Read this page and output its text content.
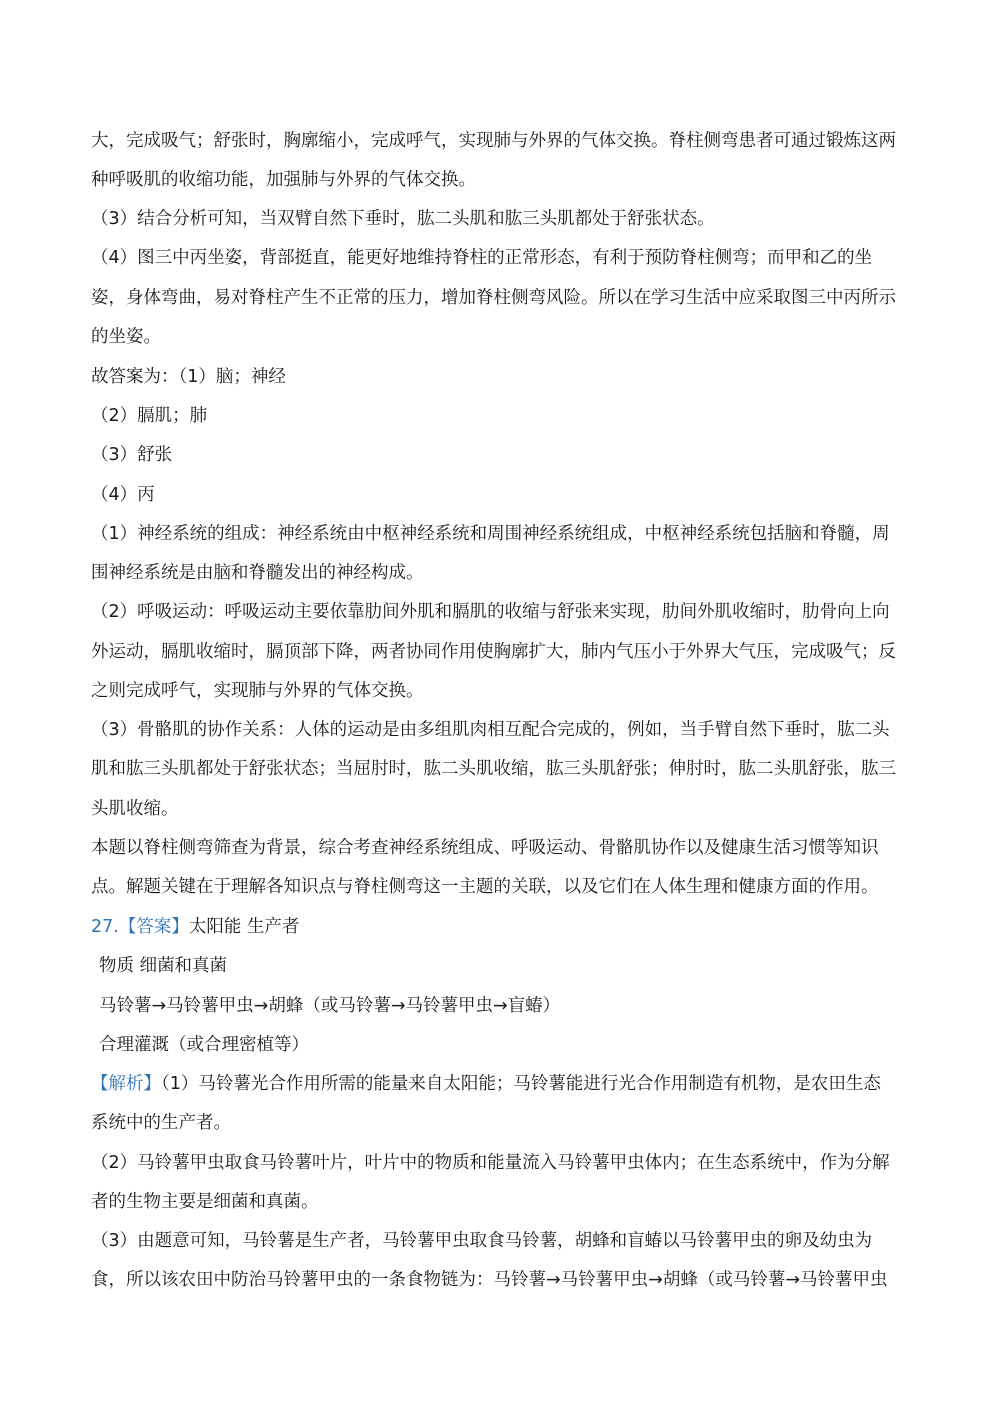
大，完成吸气；舒张时，胸廓缩小，完成呼气，实现肺与外界的气体交换。脊柱侧弯患者可通过锻炼这两
种呼吸肌的收缩功能，加强肺与外界的气体交换。
（3）结合分析可知，当双臂自然下垂时，肱二头肌和肱三头肌都处于舒张状态。
（4）图三中丙坐姿，背部挺直，能更好地维持脊柱的正常形态，有利于预防脊柱侧弯；而甲和乙的坐
姿，身体弯曲，易对脊柱产生不正常的压力，增加脊柱侧弯风险。所以在学习生活中应采取图三中丙所示
的坐姿。
故答案为：（1）脑；神经
（2）膈肌；肺
（3）舒张
（4）丙
（1）神经系统的组成：神经系统由中枢神经系统和周围神经系统组成，中枢神经系统包括脑和脊髓，周
围神经系统是由脑和脊髓发出的神经构成。
（2）呼吸运动：呼吸运动主要依靠肋间外肌和膈肌的收缩与舒张来实现，肋间外肌收缩时，肋骨向上向
外运动，膈肌收缩时，膈顶部下降，两者协同作用使胸廓扩大，肺内气压小于外界大气压，完成吸气；反
之则完成呼气，实现肺与外界的气体交换。
（3）骨骼肌的协作关系：人体的运动是由多组肌肉相互配合完成的，例如，当手臂自然下垂时，肱二头
肌和肱三头肌都处于舒张状态；当屈肘时，肱二头肌收缩，肱三头肌舒张；伸肘时，肱二头肌舒张，肱三
头肌收缩。
本题以脊柱侧弯筛查为背景，综合考查神经系统组成、呼吸运动、骨骼肌协作以及健康生活习惯等知识
点。解题关键在于理解各知识点与脊柱侧弯这一主题的关联，以及它们在人体生理和健康方面的作用。
27.【答案】太阳能 生产者
物质 细菌和真菌
马铃薯→马铃薯甲虫→胡蜂（或马铃薯→马铃薯甲虫→盲蝽）
合理灌溉（或合理密植等）
【解析】（1）马铃薯光合作用所需的能量来自太阳能；马铃薯能进行光合作用制造有机物，是农田生态
系统中的生产者。
（2）马铃薯甲虫取食马铃薯叶片，叶片中的物质和能量流入马铃薯甲虫体内；在生态系统中，作为分解
者的生物主要是细菌和真菌。
（3）由题意可知，马铃薯是生产者，马铃薯甲虫取食马铃薯，胡蜂和盲蝽以马铃薯甲虫的卵及幼虫为
食，所以该农田中防治马铃薯甲虫的一条食物链为：马铃薯→马铃薯甲虫→胡蜂（或马铃薯→马铃薯甲虫
